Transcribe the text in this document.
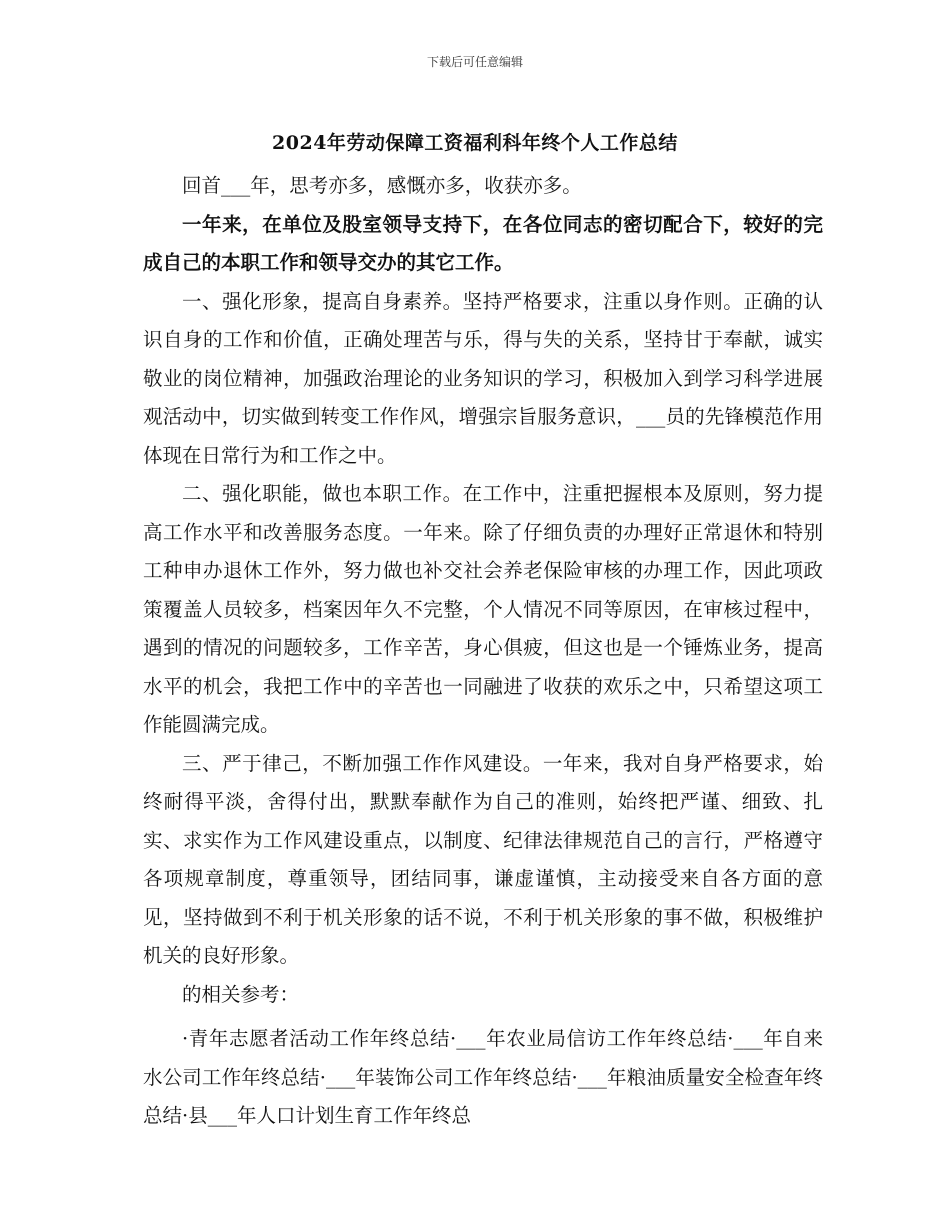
下载后可任意编辑
2024年劳动保障工资福利科年终个人工作总结

回首___年，思考亦多，感慨亦多，收获亦多。

一年来，在单位及股室领导支持下，在各位同志的密切配合下，较好的完成自己的本职工作和领导交办的其它工作。

一、强化形象，提高自身素养。坚持严格要求，注重以身作则。正确的认识自身的工作和价值，正确处理苦与乐，得与失的关系，坚持甘于奉献，诚实敬业的岗位精神，加强政治理论的业务知识的学习，积极加入到学习科学进展观活动中，切实做到转变工作作风，增强宗旨服务意识，___员的先锋模范作用体现在日常行为和工作之中。

二、强化职能，做也本职工作。在工作中，注重把握根本及原则，努力提高工作水平和改善服务态度。一年来。除了仔细负责的办理好正常退休和特别工种申办退休工作外，努力做也补交社会养老保险审核的办理工作，因此项政策覆盖人员较多，档案因年久不完整，个人情况不同等原因，在审核过程中，遇到的情况的问题较多，工作辛苦，身心俱疲，但这也是一个锤炼业务，提高水平的机会，我把工作中的辛苦也一同融进了收获的欢乐之中，只希望这项工作能圆满完成。

三、严于律己，不断加强工作作风建设。一年来，我对自身严格要求，始终耐得平淡，舍得付出，默默奉献作为自己的准则，始终把严谨、细致、扎实、求实作为工作风建设重点，以制度、纪律法律规范自己的言行，严格遵守各项规章制度，尊重领导，团结同事，谦虚谨慎，主动接受来自各方面的意见，坚持做到不利于机关形象的话不说，不利于机关形象的事不做，积极维护机关的良好形象。

的相关参考：

·青年志愿者活动工作年终总结·___年农业局信访工作年终总结·___年自来水公司工作年终总结·___年装饰公司工作年终总结·___年粮油质量安全检查年终总结·县___年人口计划生育工作年终总
